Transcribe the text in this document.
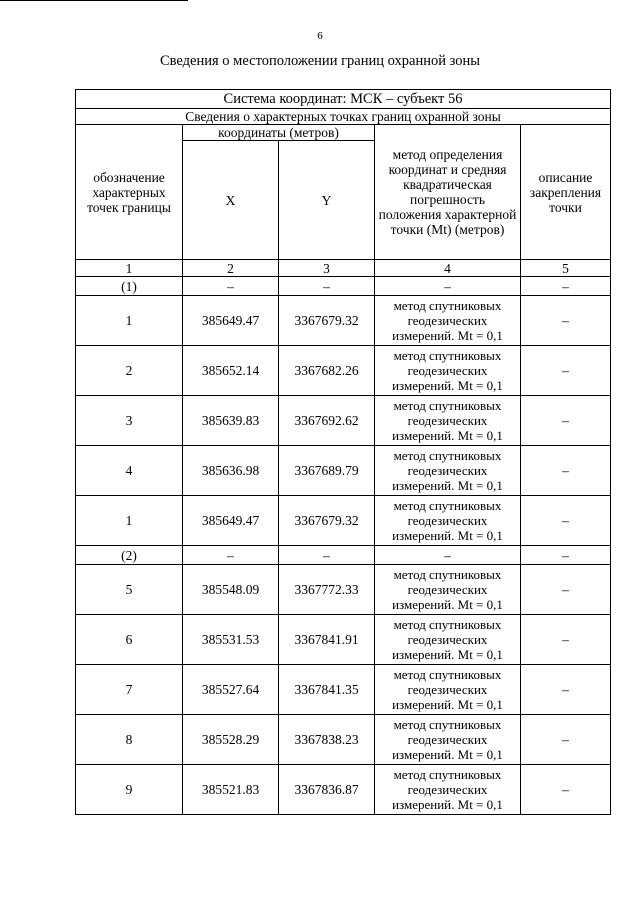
6
Сведения о местоположении границ охранной зоны
Система координат: МСК – субъект 56				
Сведения о характерных точках границ охранной зоны				
обозначение характерных точек границы	координаты (метров)		метод определения координат и средняя квадратическая погрешность положения характерной точки (Mt) (метров)	описание закрепления точки
	X	Y		
1	2	3	4	5
(1)	–	–	–	–
1	385649.47	3367679.32	метод спутниковых геодезических измерений. Mt = 0,1	–
2	385652.14	3367682.26	метод спутниковых геодезических измерений. Mt = 0,1	–
3	385639.83	3367692.62	метод спутниковых геодезических измерений. Mt = 0,1	–
4	385636.98	3367689.79	метод спутниковых геодезических измерений. Mt = 0,1	–
1	385649.47	3367679.32	метод спутниковых геодезических измерений. Mt = 0,1	–
(2)	–	–	–	–
5	385548.09	3367772.33	метод спутниковых геодезических измерений. Mt = 0,1	–
6	385531.53	3367841.91	метод спутниковых геодезических измерений. Mt = 0,1	–
7	385527.64	3367841.35	метод спутниковых геодезических измерений. Mt = 0,1	–
8	385528.29	3367838.23	метод спутниковых геодезических измерений. Mt = 0,1	–
9	385521.83	3367836.87	метод спутниковых геодезических измерений. Mt = 0,1	–
